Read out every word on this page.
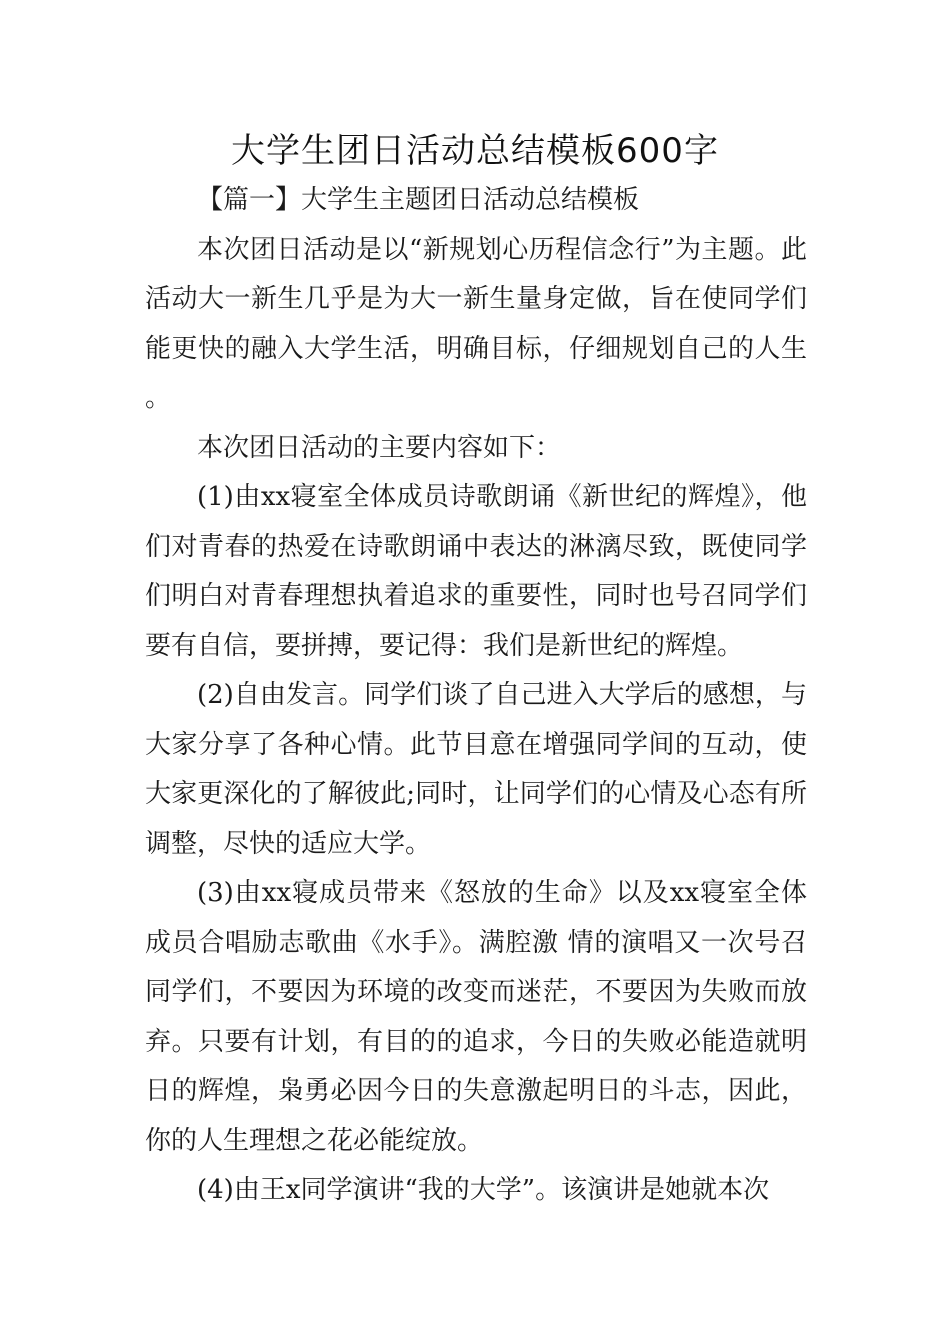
大学生团日活动总结模板600字

【篇一】大学生主题团日活动总结模板

本次团日活动是以“新规划心历程信念行”为主题。此活动大一新生几乎是为大一新生量身定做，旨在使同学们能更快的融入大学生活，明确目标，仔细规划自己的人生。

本次团日活动的主要内容如下：

(1)由xx寝室全体成员诗歌朗诵《新世纪的辉煌》，他们对青春的热爱在诗歌朗诵中表达的淋漓尽致，既使同学们明白对青春理想执着追求的重要性，同时也号召同学们要有自信，要拼搏，要记得：我们是新世纪的辉煌。

(2)自由发言。同学们谈了自己进入大学后的感想，与大家分享了各种心情。此节目意在增强同学间的互动，使大家更深化的了解彼此;同时，让同学们的心情及心态有所调整，尽快的适应大学。

(3)由xx寝成员带来《怒放的生命》以及xx寝室全体成员合唱励志歌曲《水手》。满腔激 情的演唱又一次号召同学们，不要因为环境的改变而迷茫，不要因为失败而放弃。只要有计划，有目的的追求，今日的失败必能造就明日的辉煌，枭勇必因今日的失意激起明日的斗志，因此，你的人生理想之花必能绽放。

(4)由王x同学演讲“我的大学”。该演讲是她就本次
